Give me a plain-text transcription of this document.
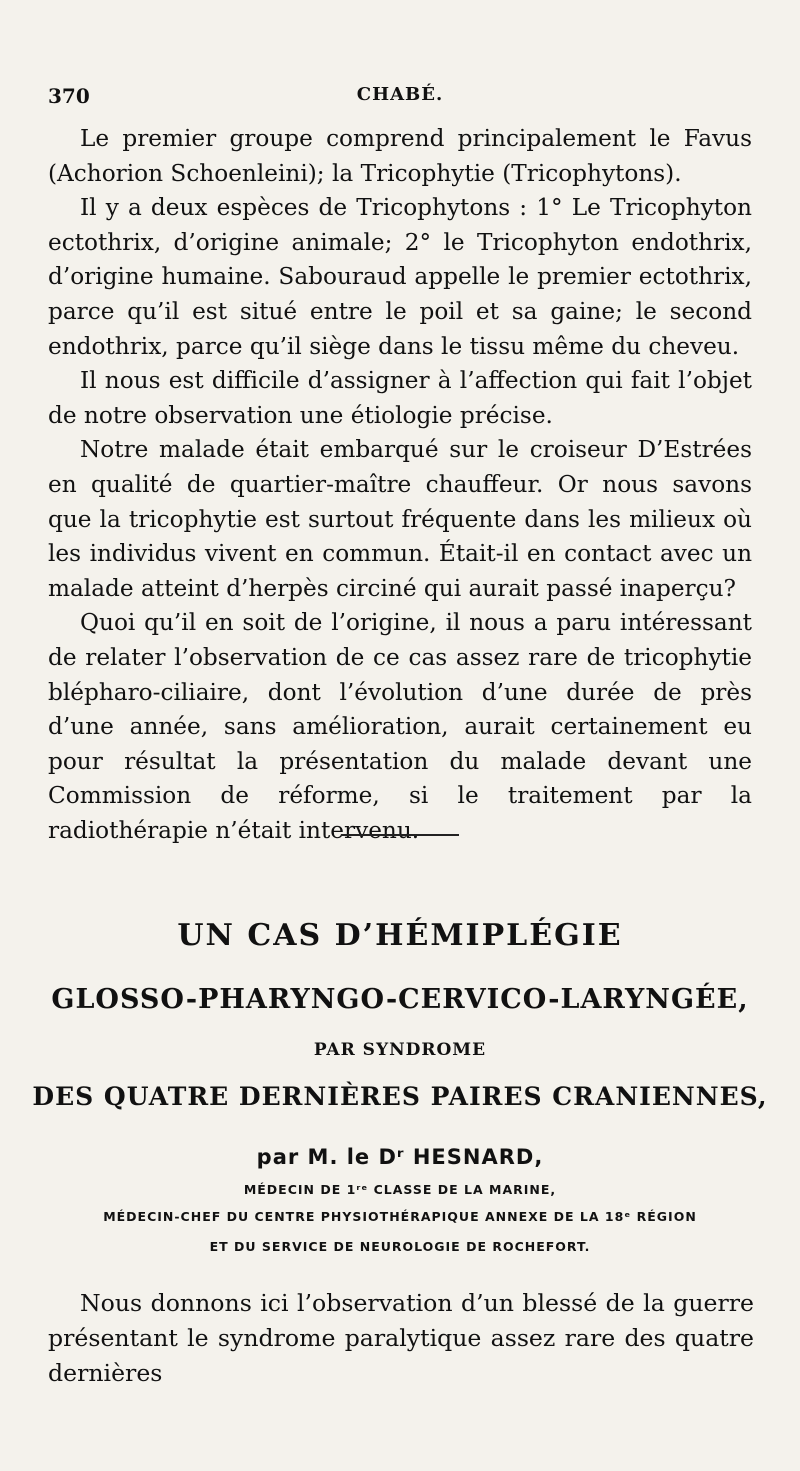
370	CHABÉ.

Le premier groupe comprend principalement le Favus (Achorion Schoenleini); la Tricophytie (Tricophytons).

Il y a deux espèces de Tricophytons : 1° Le Tricophyton ectothrix, d’origine animale; 2° le Tricophyton endothrix, d’origine humaine. Sabouraud appelle le premier ectothrix, parce qu’il est situé entre le poil et sa gaine; le second endothrix, parce qu’il siège dans le tissu même du cheveu.

Il nous est difficile d’assigner à l’affection qui fait l’objet de notre observation une étiologie précise.

Notre malade était embarqué sur le croiseur D’Estrées en qualité de quartier-maître chauffeur. Or nous savons que la tricophytie est surtout fréquente dans les milieux où les individus vivent en commun. Était-il en contact avec un malade atteint d’herpès circiné qui aurait passé inaperçu?

Quoi qu’il en soit de l’origine, il nous a paru intéressant de relater l’observation de ce cas assez rare de tricophytie blépharo-ciliaire, dont l’évolution d’une durée de près d’une année, sans amélioration, aurait certainement eu pour résultat la présentation du malade devant une Commission de réforme, si le traitement par la radiothérapie n’était intervenu.

UN CAS D’HÉMIPLÉGIE
GLOSSO-PHARYNGO-CERVICO-LARYNGÉE,
PAR SYNDROME
DES QUATRE DERNIÈRES PAIRES CRANIENNES,
par M. le Dʳ HESNARD,
MÉDECIN DE 1ʳᵉ CLASSE DE LA MARINE,
MÉDECIN-CHEF DU CENTRE PHYSIOTHÉRAPIQUE ANNEXE DE LA 18ᵉ RÉGION
ET DU SERVICE DE NEUROLOGIE DE ROCHEFORT.

Nous donnons ici l’observation d’un blessé de la guerre présentant le syndrome paralytique assez rare des quatre dernières
